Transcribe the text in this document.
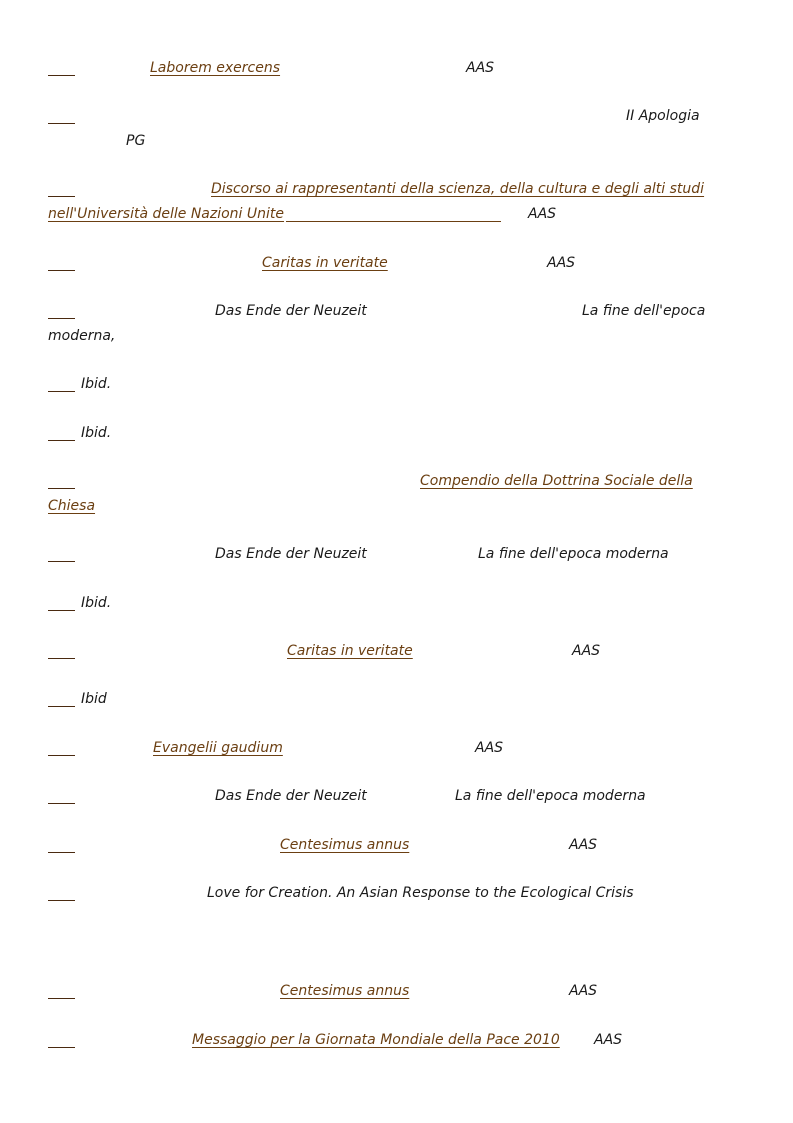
Laborem exercens	AAS
II Apologia
PG
Discorso ai rappresentanti della scienza, della cultura e degli alti studi
nell'Università delle Nazioni Unite	AAS
Caritas in veritate	AAS
Das Ende der Neuzeit	La fine dell'epoca
moderna,
Ibid.
Ibid.
Compendio della Dottrina Sociale della
Chiesa
Das Ende der Neuzeit	La fine dell'epoca moderna
Ibid.
Caritas in veritate	AAS
Ibid
Evangelii gaudium	AAS
Das Ende der Neuzeit	La fine dell'epoca moderna
Centesimus annus	AAS
Love for Creation. An Asian Response to the Ecological Crisis
Centesimus annus	AAS
Messaggio per la Giornata Mondiale della Pace 2010 AAS
